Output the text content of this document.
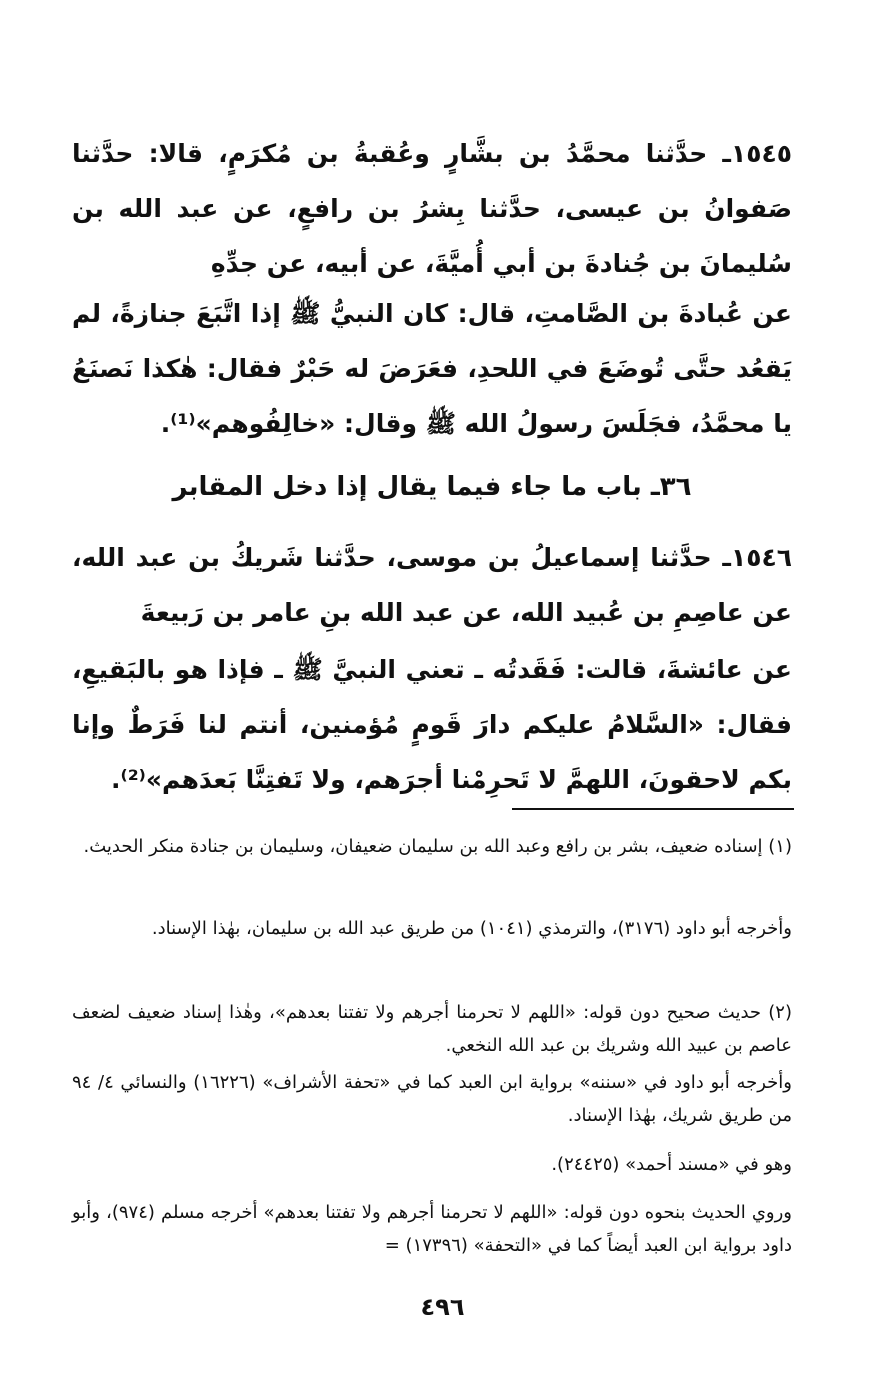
١٥٤٥ـ حدَّثنا محمَّدُ بن بشَّارٍ وعُقبةُ بن مُكرَمٍ، قالا: حدَّثنا صَفوانُ بن عيسى، حدَّثنا بِشرُ بن رافعٍ، عن عبد الله بن سُليمانَ بن جُنادةَ بن أبي أُميَّةَ، عن أبيه، عن جدِّهِ
عن عُبادةَ بن الصَّامتِ، قال: كان النبيُّ ﷺ إذا اتَّبَعَ جنازةً، لم يَقعُد حتَّى تُوضَعَ في اللحدِ، فعَرَضَ له حَبْرٌ فقال: هٰكذا نَصنَعُ يا محمَّدُ، فجَلَسَ رسولُ الله ﷺ وقال: «خالِفُوهم»⁽¹⁾.
٣٦ـ باب ما جاء فيما يقال إذا دخل المقابر
١٥٤٦ـ حدَّثنا إسماعيلُ بن موسى، حدَّثنا شَريكُ بن عبد الله، عن عاصِمِ بن عُبيد الله، عن عبد الله بنِ عامر بن رَبيعةَ
عن عائشةَ، قالت: فَقَدتُه ـ تعني النبيَّ ﷺ ـ فإذا هو بالبَقيعِ، فقال: «السَّلامُ عليكم دارَ قَومٍ مُؤمنين، أنتم لنا فَرَطٌ وإنا بكم لاحقونَ، اللهمَّ لا تَحرِمْنا أجرَهم، ولا تَفتِنَّا بَعدَهم»⁽²⁾.
(١) إسناده ضعيف، بشر بن رافع وعبد الله بن سليمان ضعيفان، وسليمان بن جنادة منكر الحديث.
وأخرجه أبو داود (٣١٧٦)، والترمذي (١٠٤١) من طريق عبد الله بن سليمان، بهٰذا الإسناد.
(٢) حديث صحيح دون قوله: «اللهم لا تحرمنا أجرهم ولا تفتنا بعدهم»، وهٰذا إسناد ضعيف لضعف عاصم بن عبيد الله وشريك بن عبد الله النخعي.
وأخرجه أبو داود في «سننه» برواية ابن العبد كما في «تحفة الأشراف» (١٦٢٢٦) والنسائي ٤/ ٩٤ من طريق شريك، بهٰذا الإسناد.
وهو في «مسند أحمد» (٢٤٤٢٥).
وروي الحديث بنحوه دون قوله: «اللهم لا تحرمنا أجرهم ولا تفتنا بعدهم» أخرجه مسلم (٩٧٤)، وأبو داود برواية ابن العبد أيضاً كما في «التحفة» (١٧٣٩٦) =
٤٩٦
